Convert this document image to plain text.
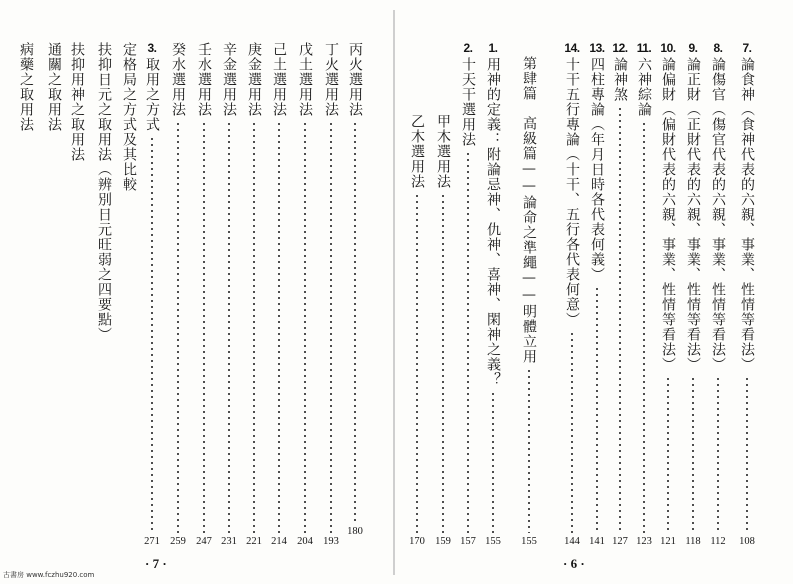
病藥之取用法 通關之取用法 扶抑用神之取用法 扶抑日元之取用法（辨別日元旺弱之四要點） 定格局之方式及其比較 3.
取用之方式
271
癸水選用法
259
壬水選用法
247
辛金選用法
231
庚金選用法
221
己土選用法
214
戊土選用法
204
丁火選用法
193
丙火選用法
180
· 7 ·
乙木選用法
170
甲木選用法
159
2.
十天干選用法
157
1.
用神的定義：附論忌神、仇神、喜神、閑神之義？
155
第肆篇　高級篇——論命之準繩——明體立用
155
14.
十干五行專論（十干、五行各代表何意）
144
13.
四柱專論（年月日時各代表何義）
141
12.
論神煞
127
11.
六神綜論
123
10.
論偏財（偏財代表的六親、事業、性情等看法）
121
9.
論正財（正財代表的六親、事業、性情等看法）
118
8.
論傷官（傷官代表的六親、事業、性情等看法）
112
7.
論食神（食神代表的六親、事業、性情等看法）
108
· 6 ·
古書房 www.fczhu920.com
